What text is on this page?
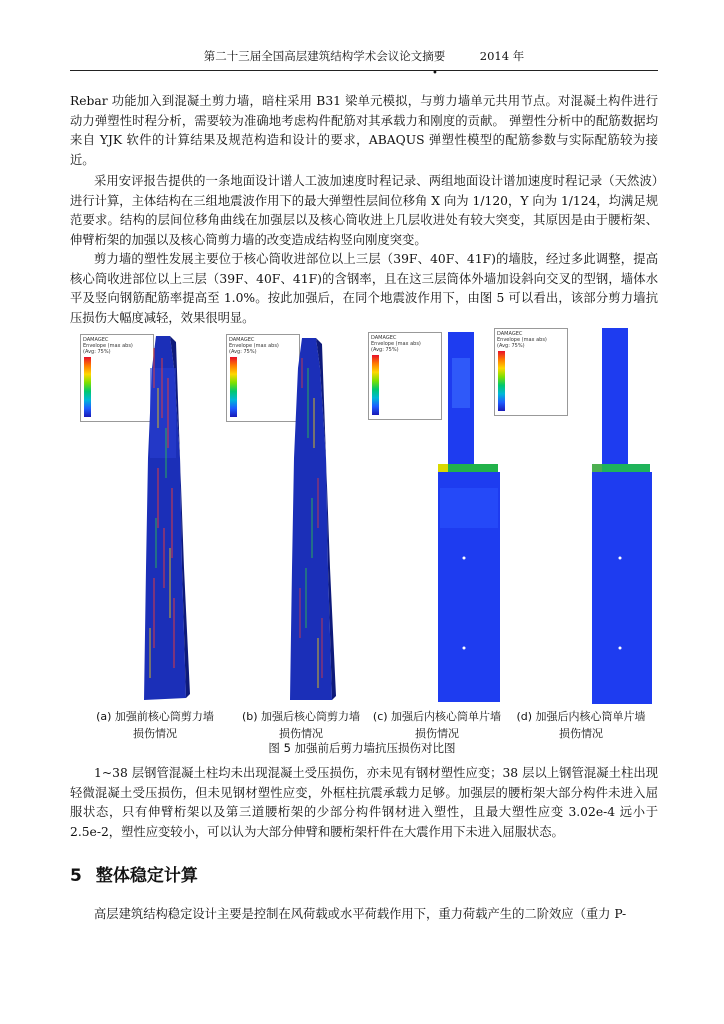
第二十三届全国高层建筑结构学术会议论文摘要　　　2014 年
•
Rebar 功能加入到混凝土剪力墙，暗柱采用 B31 梁单元模拟，与剪力墙单元共用节点。对混凝土构件进行动力弹塑性时程分析，需要较为准确地考虑构件配筋对其承载力和刚度的贡献。 弹塑性分析中的配筋数据均来自 YJK 软件的计算结果及规范构造和设计的要求，ABAQUS 弹塑性模型的配筋参数与实际配筋较为接近。
采用安评报告提供的一条地面设计谱人工波加速度时程记录、两组地面设计谱加速度时程记录（天然波）进行计算，主体结构在三组地震波作用下的最大弹塑性层间位移角 X 向为 1/120，Y 向为 1/124，均满足规范要求。结构的层间位移角曲线在加强层以及核心筒收进上几层收进处有较大突变，其原因是由于腰桁架、伸臂桁架的加强以及核心筒剪力墙的改变造成结构竖向刚度突变。
剪力墙的塑性发展主要位于核心筒收进部位以上三层（39F、40F、41F)的墙肢，经过多此调整，提高核心筒收进部位以上三层（39F、40F、41F)的含钢率，且在这三层筒体外墙加设斜向交叉的型钢，墙体水平及竖向钢筋配筋率提高至 1.0%。按此加强后，在同个地震波作用下，由图 5 可以看出，该部分剪力墙抗压损伤大幅度减轻，效果很明显。
DAMAGEC
Envelope (max abs)
(Avg: 75%)
DAMAGEC
Envelope (max abs)
(Avg: 75%)
DAMAGEC
Envelope (max abs)
(Avg: 75%)
DAMAGEC
Envelope (max abs)
(Avg: 75%)
(a) 加强前核心筒剪力墙
损伤情况
(b) 加强后核心筒剪力墙
损伤情况
(c) 加强后内核心筒单片墙
损伤情况
(d) 加强后内核心筒单片墙
损伤情况
图 5 加强前后剪力墙抗压损伤对比图
1~38 层钢管混凝土柱均未出现混凝土受压损伤，亦未见有钢材塑性应变；38 层以上钢管混凝土柱出现轻微混凝土受压损伤，但未见钢材塑性应变，外框柱抗震承载力足够。加强层的腰桁架大部分构件未进入屈服状态，只有伸臂桁架以及第三道腰桁架的少部分构件钢材进入塑性，且最大塑性应变 3.02e-4 远小于 2.5e-2，塑性应变较小，可以认为大部分伸臂和腰桁架杆件在大震作用下未进入屈服状态。
5 整体稳定计算
高层建筑结构稳定设计主要是控制在风荷载或水平荷载作用下，重力荷载产生的二阶效应（重力 P-
